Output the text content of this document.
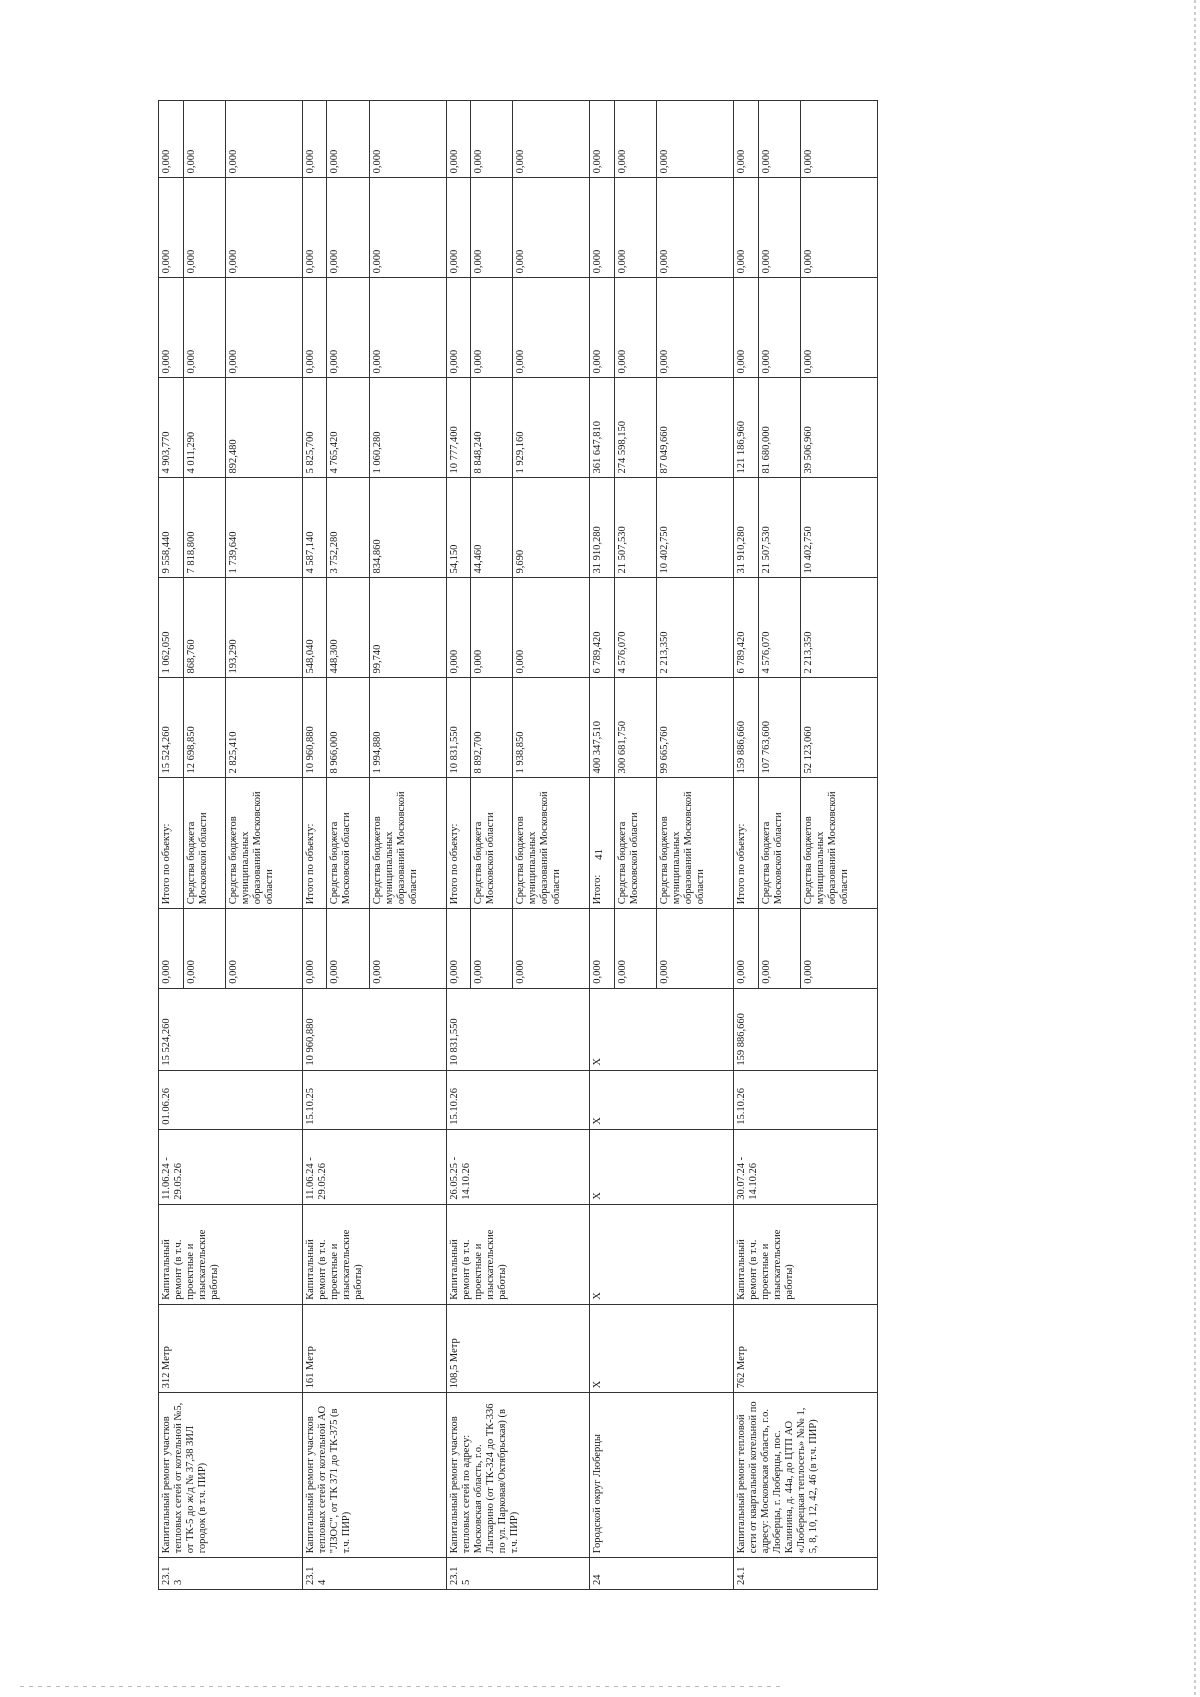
23.13	Капитальный ремонт участков тепловых сетей от котельной №5, от ТК-5 до ж/д № 37,38 ЗИЛ городок (в т.ч. ПИР)	312 Метр	Капитальный ремонт (в т.ч. проектные и изыскательские работы)	11.06.24 - 29.05.26	01.06.26	15 524,260	0,000	Итого по объекту:	15 524,260	1 062,050	9 558,440	4 903,770	0,000	0,000	0,000
							0,000	Средства бюджета Московской области	12 698,850	868,760	7 818,800	4 011,290	0,000	0,000	0,000
							0,000	Средства бюджетов муниципальных образований Московской области	2 825,410	193,290	1 739,640	892,480	0,000	0,000	0,000
23.14	Капитальный ремонт участков тепловых сетей от котельной АО "ЛЗОС", от ТК 371 до ТК-375 (в т.ч. ПИР)	161 Метр	Капитальный ремонт (в т.ч. проектные и изыскательские работы)	11.06.24 - 29.05.26	15.10.25	10 960,880	0,000	Итого по объекту:	10 960,880	548,040	4 587,140	5 825,700	0,000	0,000	0,000
							0,000	Средства бюджета Московской области	8 966,000	448,300	3 752,280	4 765,420	0,000	0,000	0,000
							0,000	Средства бюджетов муниципальных образований Московской области	1 994,880	99,740	834,860	1 060,280	0,000	0,000	0,000
23.15	Капитальный ремонт участков тепловых сетей по адресу: Московская область, г.о. Лыткарино (от ТК-324 до ТК-336 по ул. Парковая/Октябрьская) (в т.ч. ПИР)	108,5 Метр	Капитальный ремонт (в т.ч. проектные и изыскательские работы)	26.05.25 - 14.10.26	15.10.26	10 831,550	0,000	Итого по объекту:	10 831,550	0,000	54,150	10 777,400	0,000	0,000	0,000
							0,000	Средства бюджета Московской области	8 892,700	0,000	44,460	8 848,240	0,000	0,000	0,000
							0,000	Средства бюджетов муниципальных образований Московской области	1 938,850	0,000	9,690	1 929,160	0,000	0,000	0,000
24	Городской округ Люберцы	X	X	X	X	X	0,000	Итого:	400 347,510	6 789,420	31 910,280	361 647,810	0,000	0,000	0,000
							0,000	Средства бюджета Московской области	300 681,750	4 576,070	21 507,530	274 598,150	0,000	0,000	0,000
							0,000	Средства бюджетов муниципальных образований Московской области	99 665,760	2 213,350	10 402,750	87 049,660	0,000	0,000	0,000
24.1	Капитальный ремонт тепловой сети от квартальной котельной по адресу: Московская область, г.о. Люберцы, г. Люберцы, пос. Калинина, д. 44а, до ЦТП АО «Люберецкая теплосеть» №№ 1, 5, 8, 10, 12, 42, 46 (в т.ч. ПИР)	762 Метр	Капитальный ремонт (в т.ч. проектные и изыскательские работы)	30.07.24 - 14.10.26	15.10.26	159 886,660	0,000	Итого по объекту:	159 886,660	6 789,420	31 910,280	121 186,960	0,000	0,000	0,000
							0,000	Средства бюджета Московской области	107 763,600	4 576,070	21 507,530	81 680,000	0,000	0,000	0,000
							0,000	Средства бюджетов муниципальных образований Московской области	52 123,060	2 213,350	10 402,750	39 506,960	0,000	0,000	0,000
41
